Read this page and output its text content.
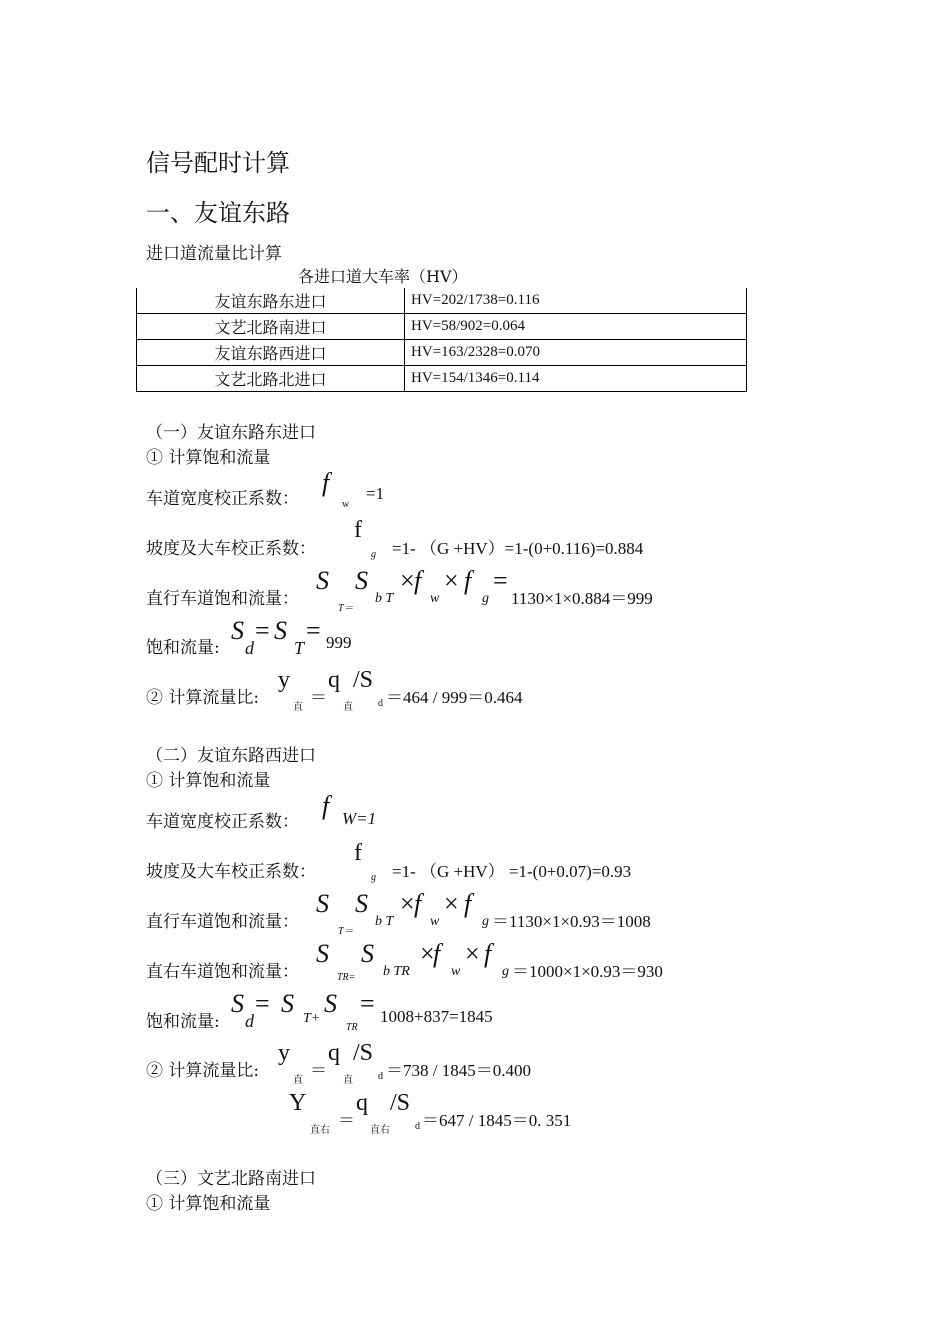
信号配时计算
一、友谊东路
进口道流量比计算
各进口道大车率（HV）
友谊东路东进口	HV=202/1738=0.116
文艺北路南进口	HV=58/902=0.064
友谊东路西进口	HV=163/2328=0.070
文艺北路北进口	HV=154/1346=0.114
（一）友谊东路东进口
① 计算饱和流量
车道宽度校正系数：
f
w
=1
坡度及大车校正系数：
f
g =1- （G +HV）=1-(0+0.116)=0.884
直行车道饱和流量：
S
T＝
S
b T
× f
w
× f
g
=
1130×1×0.884＝999
饱和流量:
S
d
= S
T
= 999
② 计算流量比:
y
直
＝
q
直
/S
d ＝464 / 999＝0.464
（二）友谊东路西进口
① 计算饱和流量
车道宽度校正系数：
f W=1
坡度及大车校正系数：
f
g =1- （G +HV） =1-(0+0.07)=0.93
直行车道饱和流量：
S
T＝
S
b T
× f
w
× f
g ＝1130×1×0.93＝1008
直右车道饱和流量：
S
TR=
S
b TR
×
f
w
× f
g ＝1000×1×0.93＝930
饱和流量:
S
d
= S
T+
S
TR
= 1008+837=1845
② 计算流量比:
y
直
＝
q
直
/S
d ＝738 / 1845＝0.400
Y
直右
＝
q
直右
/S
d ＝647 / 1845＝0. 351
（三）文艺北路南进口
① 计算饱和流量
